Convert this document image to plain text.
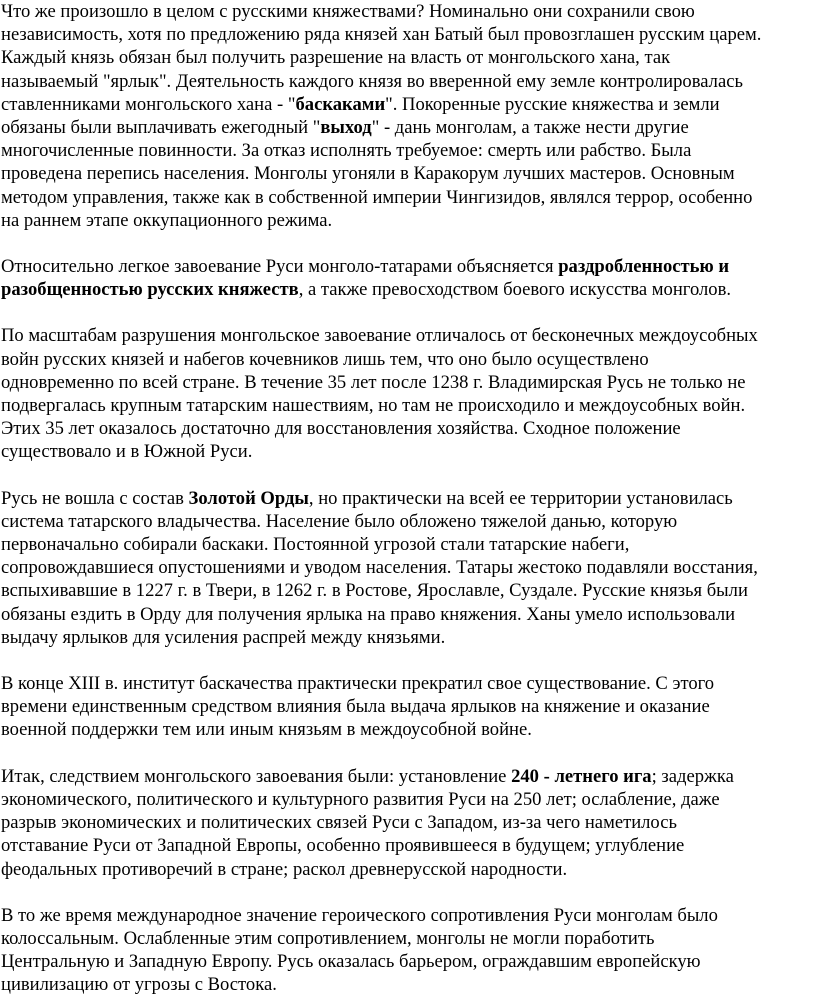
Что же произошло в целом с русскими княжествами? Номинально они сохранили свою
независимость, хотя по предложению ряда князей хан Батый был провозглашен русским царем.
Каждый князь обязан был получить разрешение на власть от монгольского хана, так
называемый "ярлык". Деятельность каждого князя во вверенной ему земле контролировалась
ставленниками монгольского хана - "баскаками". Покоренные русские княжества и земли
обязаны были выплачивать ежегодный "выход" - дань монголам, а также нести другие
многочисленные повинности. За отказ исполнять требуемое: смерть или рабство. Была
проведена перепись населения. Монголы угоняли в Каракорум лучших мастеров. Основным
методом управления, также как в собственной империи Чингизидов, являлся террор, особенно
на раннем этапе оккупационного режима.

Относительно легкое завоевание Руси монголо-татарами объясняется раздробленностью и
разобщенностью русских княжеств, а также превосходством боевого искусства монголов.

По масштабам разрушения монгольское завоевание отличалось от бесконечных междоусобных
войн русских князей и набегов кочевников лишь тем, что оно было осуществлено
одновременно по всей стране. В течение 35 лет после 1238 г. Владимирская Русь не только не
подвергалась крупным татарским нашествиям, но там не происходило и междоусобных войн.
Этих 35 лет оказалось достаточно для восстановления хозяйства. Сходное положение
существовало и в Южной Руси.

Русь не вошла с состав Золотой Орды, но практически на всей ее территории установилась
система татарского владычества. Население было обложено тяжелой данью, которую
первоначально собирали баскаки. Постоянной угрозой стали татарские набеги,
сопровождавшиеся опустошениями и уводом населения. Татары жестоко подавляли восстания,
вспыхивавшие в 1227 г. в Твери, в 1262 г. в Ростове, Ярославле, Суздале. Русские князья были
обязаны ездить в Орду для получения ярлыка на право княжения. Ханы умело использовали
выдачу ярлыков для усиления распрей между князьями.

В конце XIII в. институт баскачества практически прекратил свое существование. С этого
времени единственным средством влияния была выдача ярлыков на княжение и оказание
военной поддержки тем или иным князьям в междоусобной войне.

Итак, следствием монгольского завоевания были: установление 240 - летнего ига; задержка
экономического, политического и культурного развития Руси на 250 лет; ослабление, даже
разрыв экономических и политических связей Руси с Западом, из-за чего наметилось
отставание Руси от Западной Европы, особенно проявившееся в будущем; углубление
феодальных противоречий в стране; раскол древнерусской народности.

В то же время международное значение героического сопротивления Руси монголам было
колоссальным. Ослабленные этим сопротивлением, монголы не могли поработить
Центральную и Западную Европу. Русь оказалась барьером, ограждавшим европейскую
цивилизацию от угрозы с Востока.
